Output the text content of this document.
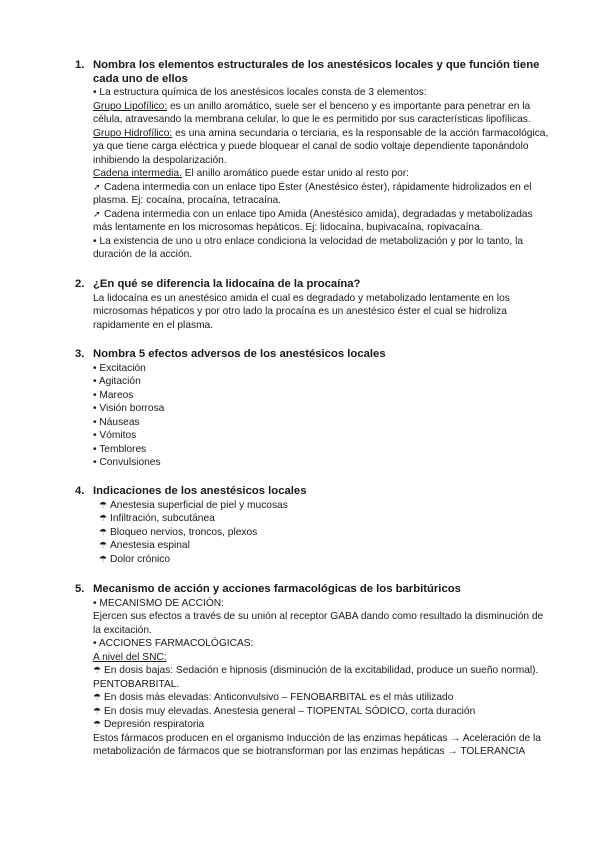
1. Nombra los elementos estructurales de los anestésicos locales y que función tiene cada uno de ellos
• La estructura química de los anestésicos locales consta de 3 elementos:
Grupo Lipofílico: es un anillo aromático, suele ser el benceno y es importante para penetrar en la
célula, atravesando la membrana celular, lo que le es permitido por sus características lipofílicas.
Grupo Hidrofílico: es una amina secundaria o terciaria, es la responsable de la acción farmacológica,
ya que tiene carga eléctrica y puede bloquear el canal de sodio voltaje dependiente taponándolo
inhibiendo la despolarización.
Cadena intermedia. El anillo aromático puede estar unido al resto por:
➚ Cadena intermedia con un enlace tipo Éster (Anestésico éster), rápidamente hidrolizados en el
plasma. Ej: cocaína, procaína, tetracaína.
➚ Cadena intermedia con un enlace tipo Amida (Anestésico amida), degradadas y metabolizadas
más lentamente en los microsomas hepáticos. Ej: lidocaína, bupivacaína, ropivacaína.
• La existencia de uno u otro enlace condiciona la velocidad de metabolización y por lo tanto, la
duración de la acción.
2. ¿En qué se diferencia la lidocaína de la procaína?
La lidocaína es un anestésico amida el cual es degradado y metabolizado lentamente en los
microsomas hépaticos y por otro lado la procaína es un anestésico éster el cual se hidroliza
rapidamente en el plasma.
3. Nombra 5 efectos adversos de los anestésicos locales
• Excitación
• Agitación
• Mareos
• Visión borrosa
• Náuseas
• Vómitos
• Temblores
• Convulsiones
4. Indicaciones de los anestésicos locales
☂ Anestesia superficial de piel y mucosas
☂ Infiltración, subcutánea
☂ Bloqueo nervios, troncos, plexos
☂ Anestesia espinal
☂ Dolor crónico
5. Mecanismo de acción y acciones farmacológicas de los barbitúricos
• MECANISMO DE ACCIÓN:
Ejercen sus efectos a través de su unión al receptor GABA dando como resultado la disminución de
la excitación.
• ACCIONES FARMACOLÓGICAS:
A nivel del SNC:
☂ En dosis bajas: Sedación e hipnosis (disminución de la excitabilidad, produce un sueño normal).
PENTOBARBITAL.
☂ En dosis más elevadas: Anticonvulsivo – FENOBARBITAL es el más utilizado
☂ En dosis muy elevadas. Anestesia general – TIOPENTAL SÓDICO, corta duración
☂ Depresión respiratoria
Estos fármacos producen en el organismo Inducción de las enzimas hepáticas → Aceleración de la
metabolización de fármacos que se biotransforman por las enzimas hepáticas → TOLERANCIA
